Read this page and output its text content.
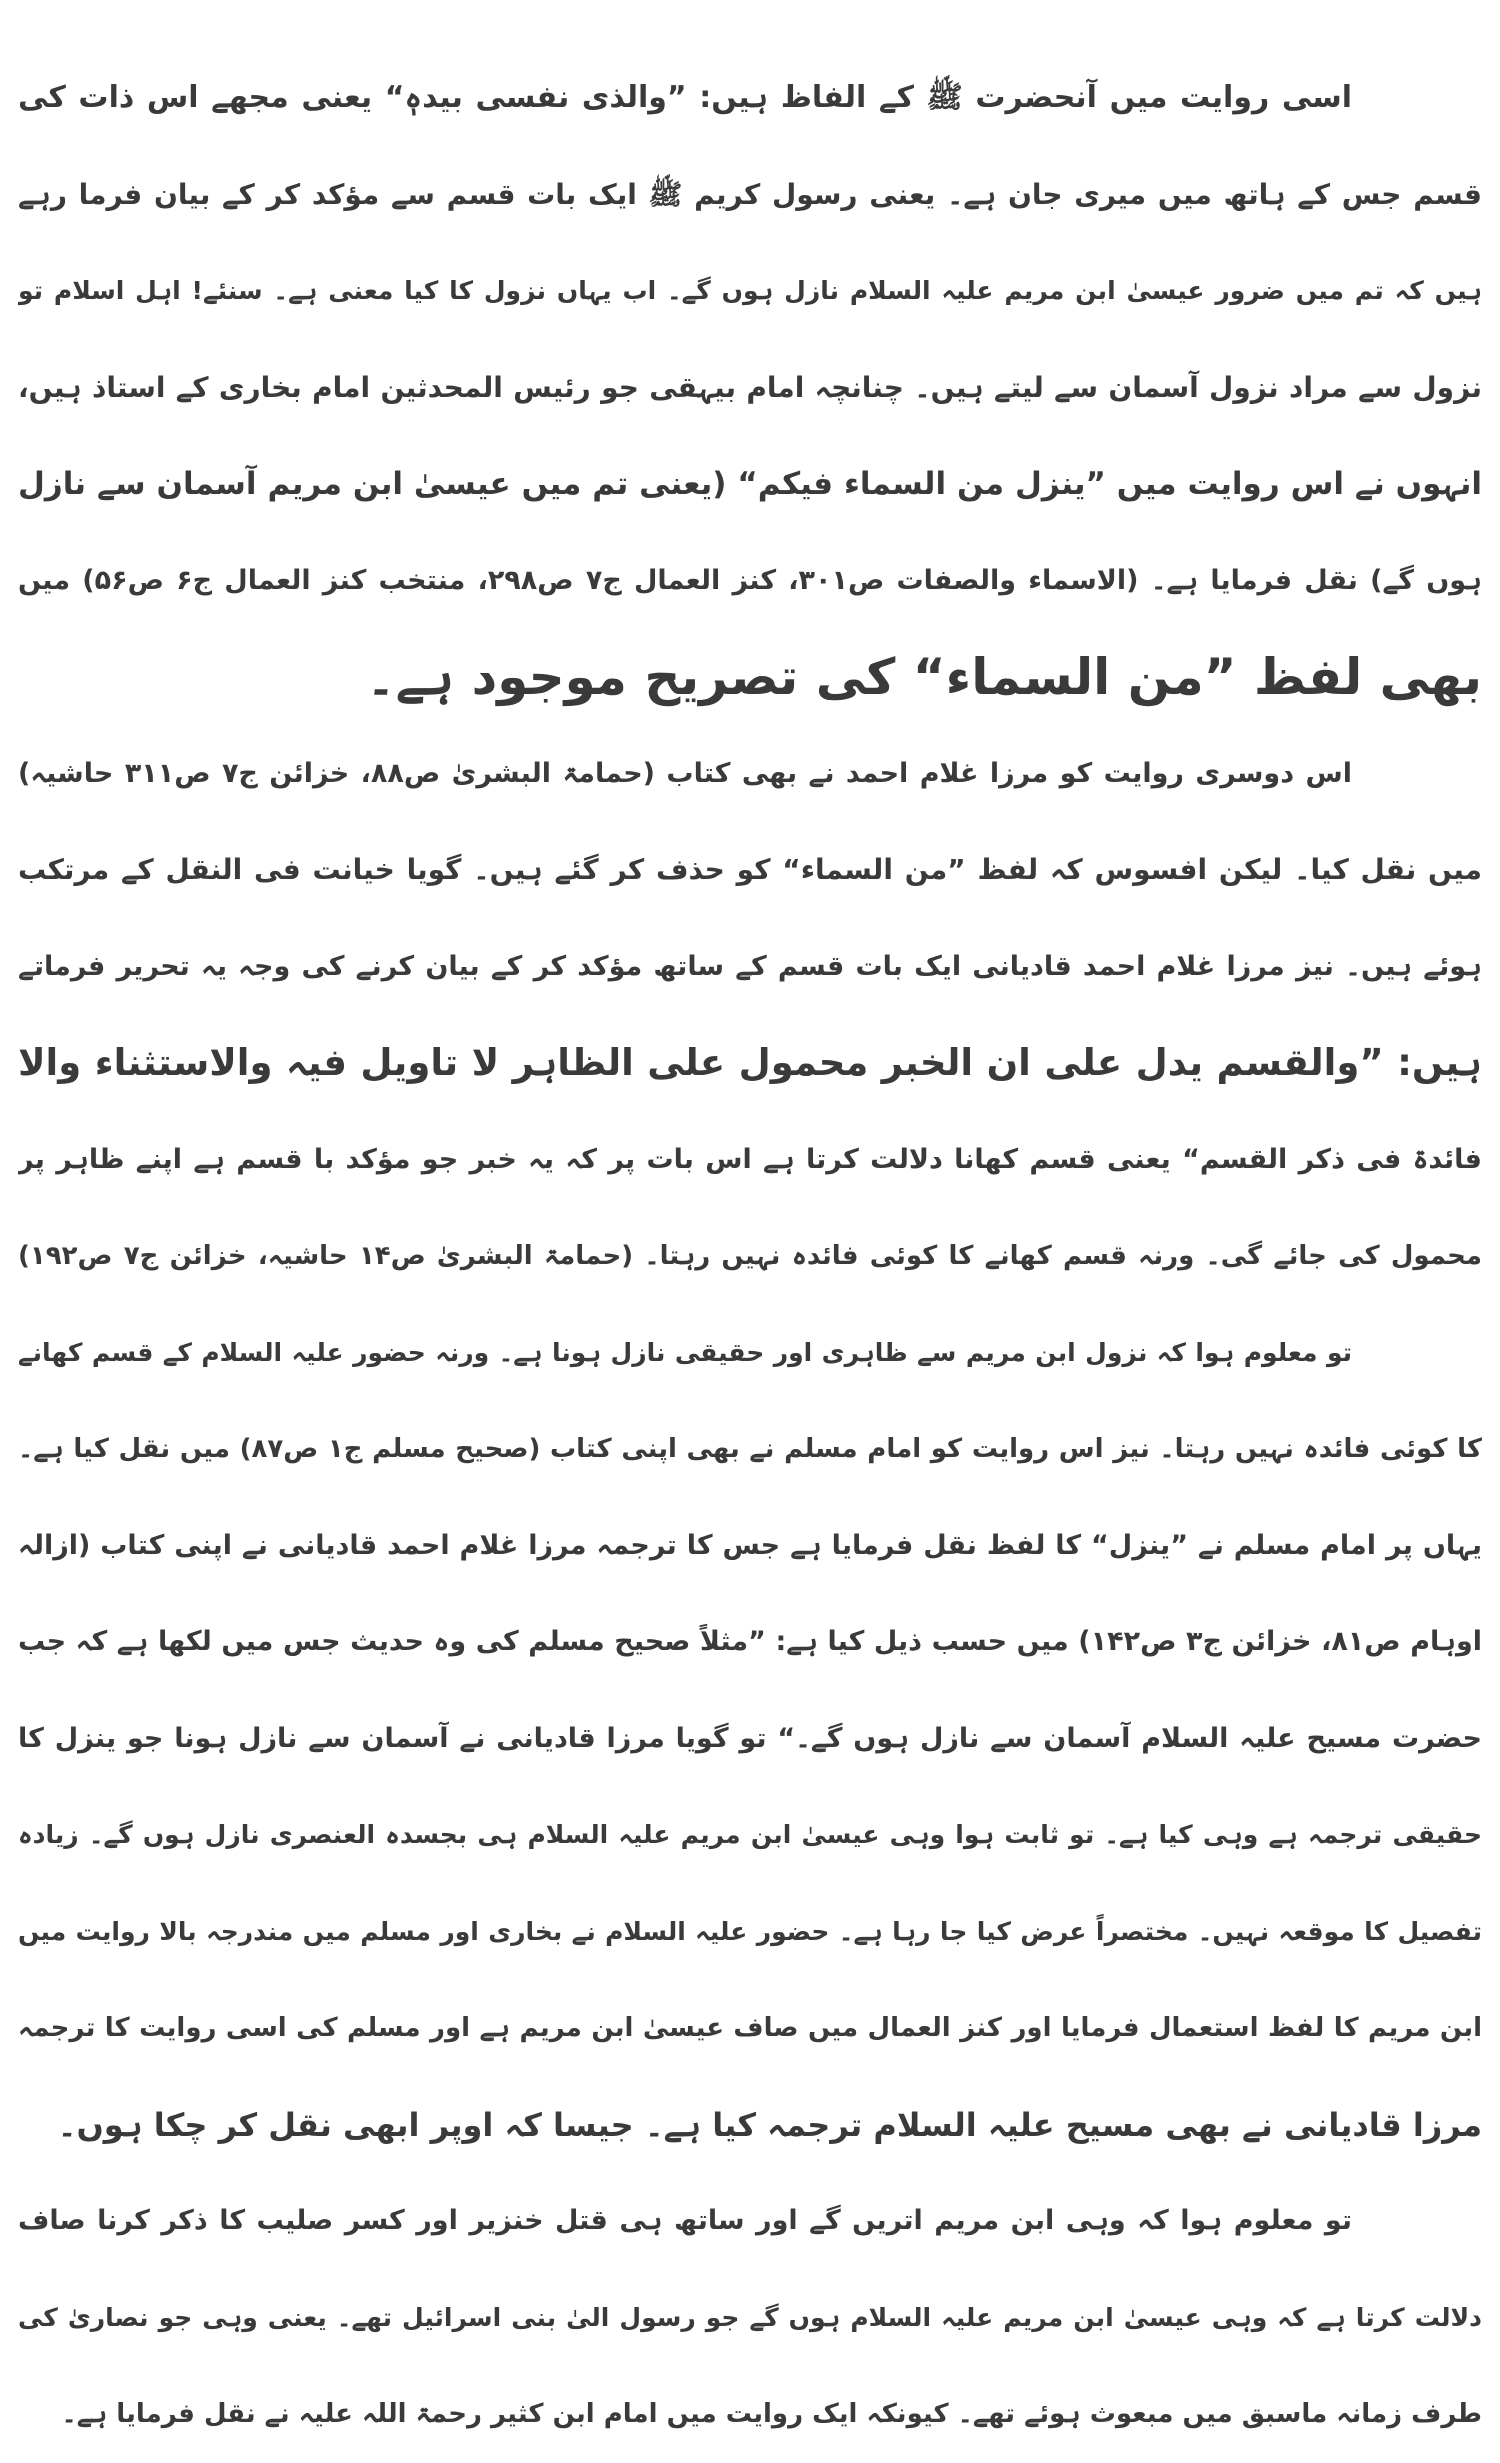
اسی روایت میں آنحضرت ﷺ کے الفاظ ہیں: ”والذی نفسی بیدہٖ“ یعنی مجھے اس ذات کی
قسم جس کے ہاتھ میں میری جان ہے۔ یعنی رسول کریم ﷺ ایک بات قسم سے مؤکد کر کے بیان فرما رہے
ہیں کہ تم میں ضرور عیسیٰ ابن مریم علیہ السلام نازل ہوں گے۔ اب یہاں نزول کا کیا معنی ہے۔ سنئے! اہل اسلام تو
نزول سے مراد نزول آسمان سے لیتے ہیں۔ چنانچہ امام بیہقی جو رئیس المحدثین امام بخاری کے استاذ ہیں،
انہوں نے اس روایت میں ”ینزل من السماء فیکم“ (یعنی تم میں عیسیٰ ابن مریم آسمان سے نازل
ہوں گے) نقل فرمایا ہے۔ (الاسماء والصفات ص۳۰۱، کنز العمال ج۷ ص۲۹۸، منتخب کنز العمال ج۶ ص۵۶) میں
بھی لفظ ”من السماء“ کی تصریح موجود ہے۔
اس دوسری روایت کو مرزا غلام احمد نے بھی کتاب (حمامۃ البشریٰ ص۸۸، خزائن ج۷ ص۳۱۱ حاشیہ)
میں نقل کیا۔ لیکن افسوس کہ لفظ ”من السماء“ کو حذف کر گئے ہیں۔ گویا خیانت فی النقل کے مرتکب
ہوئے ہیں۔ نیز مرزا غلام احمد قادیانی ایک بات قسم کے ساتھ مؤکد کر کے بیان کرنے کی وجہ یہ تحریر فرماتے
ہیں: ”والقسم یدل علی ان الخبر محمول علی الظاہر لا تاویل فیہ والاستثناء والا
فائدۃ فی ذکر القسم“ یعنی قسم کھانا دلالت کرتا ہے اس بات پر کہ یہ خبر جو مؤکد با قسم ہے اپنے ظاہر پر
محمول کی جائے گی۔ ورنہ قسم کھانے کا کوئی فائدہ نہیں رہتا۔ (حمامۃ البشریٰ ص۱۴ حاشیہ، خزائن ج۷ ص۱۹۲)
تو معلوم ہوا کہ نزول ابن مریم سے ظاہری اور حقیقی نازل ہونا ہے۔ ورنہ حضور علیہ السلام کے قسم کھانے
کا کوئی فائدہ نہیں رہتا۔ نیز اس روایت کو امام مسلم نے بھی اپنی کتاب (صحیح مسلم ج۱ ص۸۷) میں نقل کیا ہے۔
یہاں پر امام مسلم نے ”ینزل“ کا لفظ نقل فرمایا ہے جس کا ترجمہ مرزا غلام احمد قادیانی نے اپنی کتاب (ازالہ
اوہام ص۸۱، خزائن ج۳ ص۱۴۲) میں حسب ذیل کیا ہے: ”مثلاً صحیح مسلم کی وہ حدیث جس میں لکھا ہے کہ جب
حضرت مسیح علیہ السلام آسمان سے نازل ہوں گے۔“ تو گویا مرزا قادیانی نے آسمان سے نازل ہونا جو ینزل کا
حقیقی ترجمہ ہے وہی کیا ہے۔ تو ثابت ہوا وہی عیسیٰ ابن مریم علیہ السلام ہی بجسدہ العنصری نازل ہوں گے۔ زیادہ
تفصیل کا موقعہ نہیں۔ مختصراً عرض کیا جا رہا ہے۔ حضور علیہ السلام نے بخاری اور مسلم میں مندرجہ بالا روایت میں
ابن مریم کا لفظ استعمال فرمایا اور کنز العمال میں صاف عیسیٰ ابن مریم ہے اور مسلم کی اسی روایت کا ترجمہ
مرزا قادیانی نے بھی مسیح علیہ السلام ترجمہ کیا ہے۔ جیسا کہ اوپر ابھی نقل کر چکا ہوں۔
تو معلوم ہوا کہ وہی ابن مریم اتریں گے اور ساتھ ہی قتل خنزیر اور کسر صلیب کا ذکر کرنا صاف
دلالت کرتا ہے کہ وہی عیسیٰ ابن مریم علیہ السلام ہوں گے جو رسول الیٰ بنی اسرائیل تھے۔ یعنی وہی جو نصاریٰ کی
طرف زمانہ ماسبق میں مبعوث ہوئے تھے۔ کیونکہ ایک روایت میں امام ابن کثیر رحمۃ اللہ علیہ نے نقل فرمایا ہے۔
